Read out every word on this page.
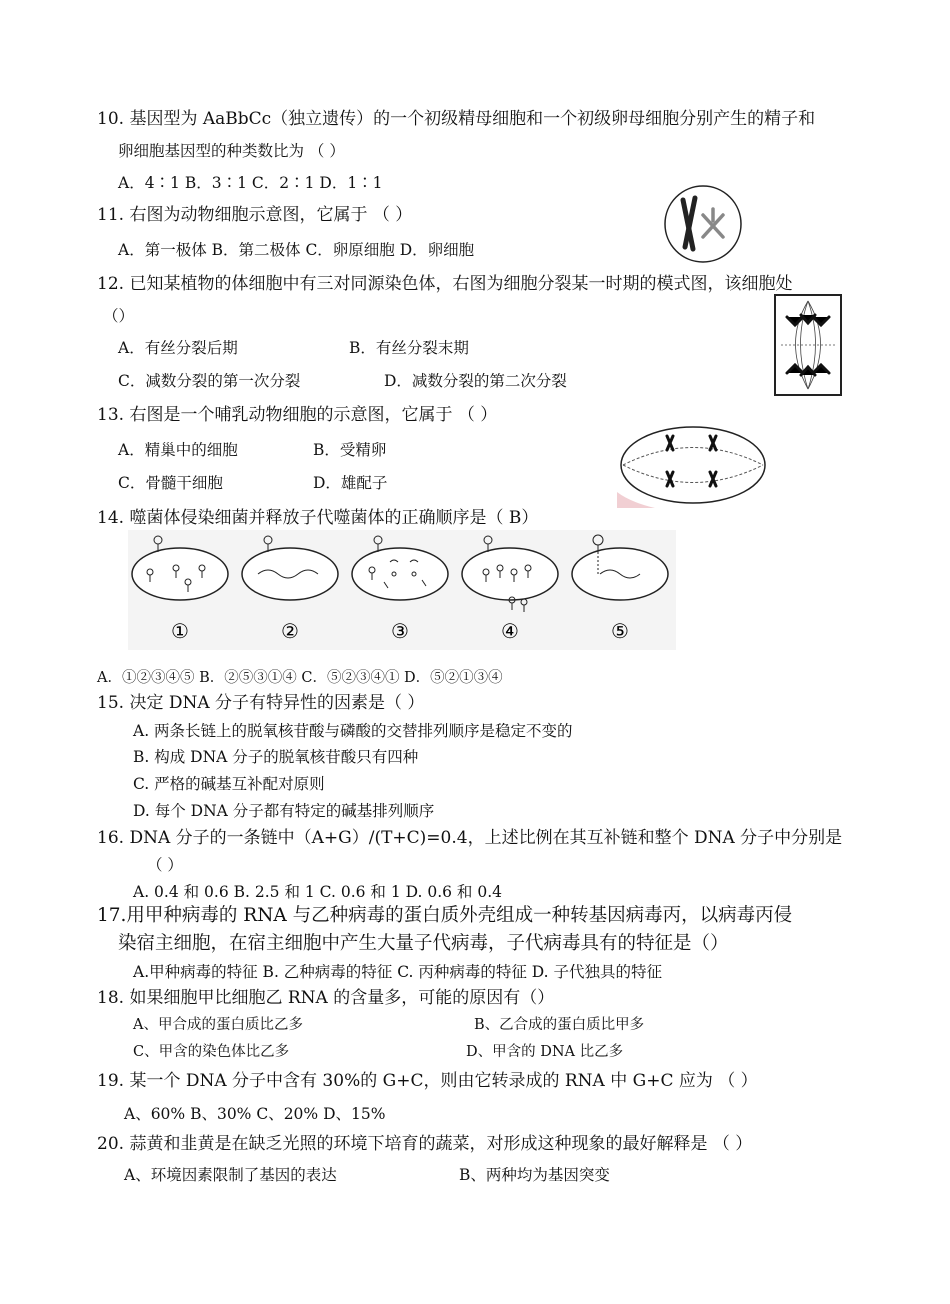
10. 基因型为 AaBbCc（独立遗传）的一个初级精母细胞和一个初级卵母细胞分别产生的精子和
卵细胞基因型的种类数比为 （ ）
A．4∶1 B．3∶1 C．2∶1 D．1∶1
11. 右图为动物细胞示意图，它属于 （ ）
A．第一极体 B．第二极体 C．卵原细胞 D．卵细胞
12. 已知某植物的体细胞中有三对同源染色体，右图为细胞分裂某一时期的模式图，该细胞处
（）
A．有丝分裂后期	B．有丝分裂末期
C．减数分裂的第一次分裂	D．减数分裂的第二次分裂
13. 右图是一个哺乳动物细胞的示意图，它属于 （ ）
A．精巢中的细胞	B．受精卵
C．骨髓干细胞	D．雄配子
14. 噬菌体侵染细菌并释放子代噬菌体的正确顺序是（ B）
①	②	③	④	⑤
A．①②③④⑤ B．②⑤③①④ C．⑤②③④① D．⑤②①③④
15. 决定 DNA 分子有特异性的因素是（ ）
A. 两条长链上的脱氧核苷酸与磷酸的交替排列顺序是稳定不变的
B. 构成 DNA 分子的脱氧核苷酸只有四种
C. 严格的碱基互补配对原则
D. 每个 DNA 分子都有特定的碱基排列顺序
16. DNA 分子的一条链中（A+G）/(T+C)=0.4，上述比例在其互补链和整个 DNA 分子中分别是
（ ）
A. 0.4 和 0.6 B. 2.5 和 1 C. 0.6 和 1 D. 0.6 和 0.4
17.用甲种病毒的 RNA 与乙种病毒的蛋白质外壳组成一种转基因病毒丙，以病毒丙侵
染宿主细胞，在宿主细胞中产生大量子代病毒，子代病毒具有的特征是（）
A.甲种病毒的特征 B. 乙种病毒的特征 C. 丙种病毒的特征 D. 子代独具的特征
18. 如果细胞甲比细胞乙 RNA 的含量多，可能的原因有（）
A、甲合成的蛋白质比乙多	B、乙合成的蛋白质比甲多
C、甲含的染色体比乙多	D、甲含的 DNA 比乙多
19. 某一个 DNA 分子中含有 30%的 G+C，则由它转录成的 RNA 中 G+C 应为 （ ）
A、60% B、30% C、20% D、15%
20. 蒜黄和韭黄是在缺乏光照的环境下培育的蔬菜，对形成这种现象的最好解释是 （ ）
A、环境因素限制了基因的表达	B、两种均为基因突变
